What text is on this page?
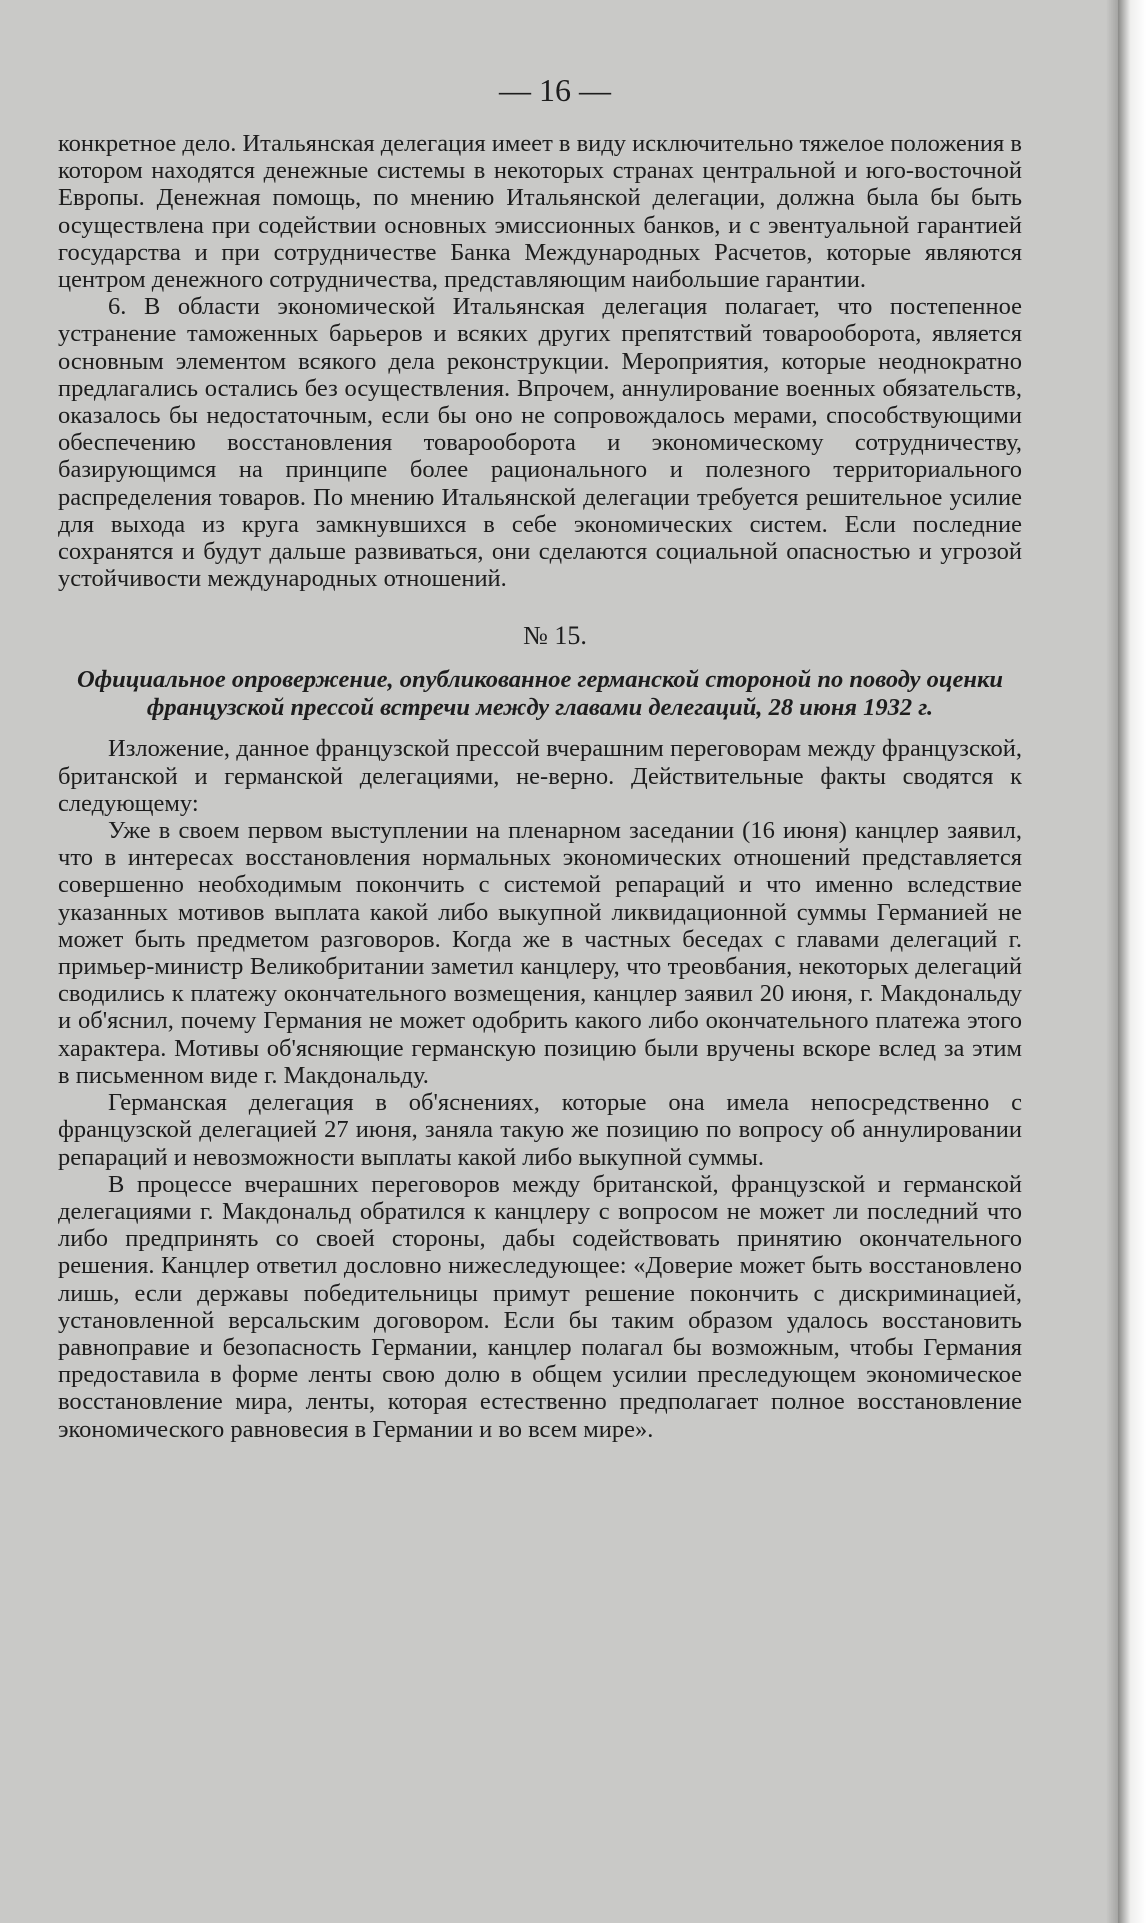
— 16 —

конкретное дело. Итальянская делегация имеет в виду исключительно тяжелое положения в котором находятся денежные системы в некоторых странах центральной и юго-восточной Европы. Денежная помощь, по мнению Итальянской делегации, должна была бы быть осуществлена при содействии основных эмиссионных банков, и с эвентуальной гарантией государства и при сотрудничестве Банка Международных Расчетов, которые являются центром денежного сотрудничества, представляющим наибольшие гарантии.

6. В области экономической Итальянская делегация полагает, что постепенное устранение таможенных барьеров и всяких других препятствий товарооборота, является основным элементом всякого дела реконструкции. Мероприятия, которые неоднократно предлагались остались без осуществления. Впрочем, аннулирование военных обязательств, оказалось бы недостаточным, если бы оно не сопровождалось мерами, способствующими обеспечению восстановления товарооборота и экономическому сотрудничеству, базирующимся на принципе более рационального и полезного территориального распределения товаров. По мнению Итальянской делегации требуется решительное усилие для выхода из круга замкнувшихся в себе экономических систем. Если последние сохранятся и будут дальше развиваться, они сделаются социальной опасностью и угрозой устойчивости международных отношений.

№ 15.

Официальное опровержение, опубликованное германской стороной по поводу оценки французской прессой встречи между главами делегаций, 28 июня 1932 г.

Изложение, данное французской прессой вчерашним переговорам между французской, британской и германской делегациями, не-верно. Действительные факты сводятся к следующему:

Уже в своем первом выступлении на пленарном заседании (16 июня) канцлер заявил, что в интересах восстановления нормальных экономических отношений представляется совершенно необходимым покончить с системой репараций и что именно вследствие указанных мотивов выплата какой либо выкупной ликвидационной суммы Германией не может быть предметом разговоров. Когда же в частных беседах с главами делегаций г. примьер-министр Великобритании заметил канцлеру, что треовбания, некоторых делегаций сводились к платежу окончательного возмещения, канцлер заявил 20 июня, г. Макдональду и об'яснил, почему Германия не может одобрить какого либо окончательного платежа этого характера. Мотивы об'ясняющие германскую позицию были вручены вскоре вслед за этим в письменном виде г. Макдональду.

Германская делегация в об'яснениях, которые она имела непосредственно с французской делегацией 27 июня, заняла такую же позицию по вопросу об аннулировании репараций и невозможности выплаты какой либо выкупной суммы.

В процессе вчерашних переговоров между британской, французской и германской делегациями г. Макдональд обратился к канцлеру с вопросом не может ли последний что либо предпринять со своей стороны, дабы содействовать принятию окончательного решения. Канцлер ответил дословно нижеследующее: «Доверие может быть восстановлено лишь, если державы победительницы примут решение покончить с дискриминацией, установленной версальским договором. Если бы таким образом удалось восстановить равноправие и безопасность Германии, канцлер полагал бы возможным, чтобы Германия предоставила в форме ленты свою долю в общем усилии преследующем экономическое восстановление мира, ленты, которая естественно предполагает полное восстановление экономического равновесия в Германии и во всем мире».
